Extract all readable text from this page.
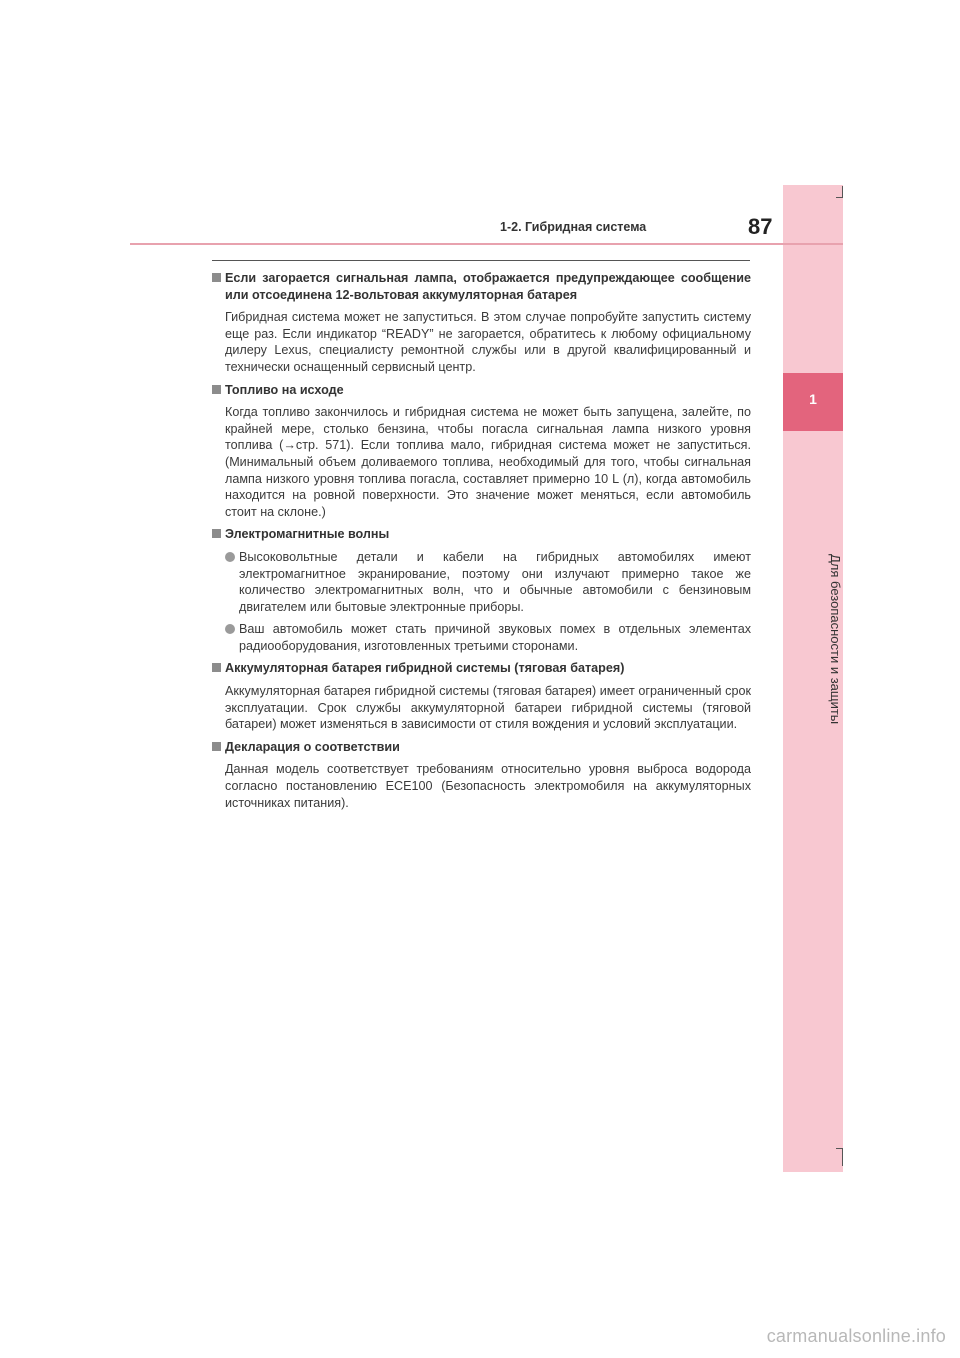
1
Для безопасности и защиты
1-2. Гибридная система	87
Если загорается сигнальная лампа, отображается предупреждающее сообщение или отсоединена 12-вольтовая аккумуляторная батарея
Гибридная система может не запуститься. В этом случае попробуйте запустить систему еще раз. Если индикатор “READY” не загорается, обратитесь к любому официальному дилеру Lexus, специалисту ремонтной службы или в другой квалифицированный и технически оснащенный сервисный центр.
Топливо на исходе
Когда топливо закончилось и гибридная система не может быть запущена, залейте, по крайней мере, столько бензина, чтобы погасла сигнальная лампа низкого уровня топлива (→стр. 571). Если топлива мало, гибридная система может не запуститься. (Минимальный объем доливаемого топлива, необходимый для того, чтобы сигнальная лампа низкого уровня топлива погасла, составляет примерно 10 L (л), когда автомобиль находится на ровной поверхности. Это значение может меняться, если автомобиль стоит на склоне.)
Электромагнитные волны
Высоковольтные детали и кабели на гибридных автомобилях имеют электромагнитное экранирование, поэтому они излучают примерно такое же количество электромагнитных волн, что и обычные автомобили с бензиновым двигателем или бытовые электронные приборы.
Ваш автомобиль может стать причиной звуковых помех в отдельных элементах радиооборудования, изготовленных третьими сторонами.
Аккумуляторная батарея гибридной системы (тяговая батарея)
Аккумуляторная батарея гибридной системы (тяговая батарея) имеет ограниченный срок эксплуатации. Срок службы аккумуляторной батареи гибридной системы (тяговой батареи) может изменяться в зависимости от стиля вождения и условий эксплуатации.
Декларация о соответствии
Данная модель соответствует требованиям относительно уровня выброса водорода согласно постановлению ECE100 (Безопасность электромобиля на аккумуляторных источниках питания).
carmanualsonline.info
